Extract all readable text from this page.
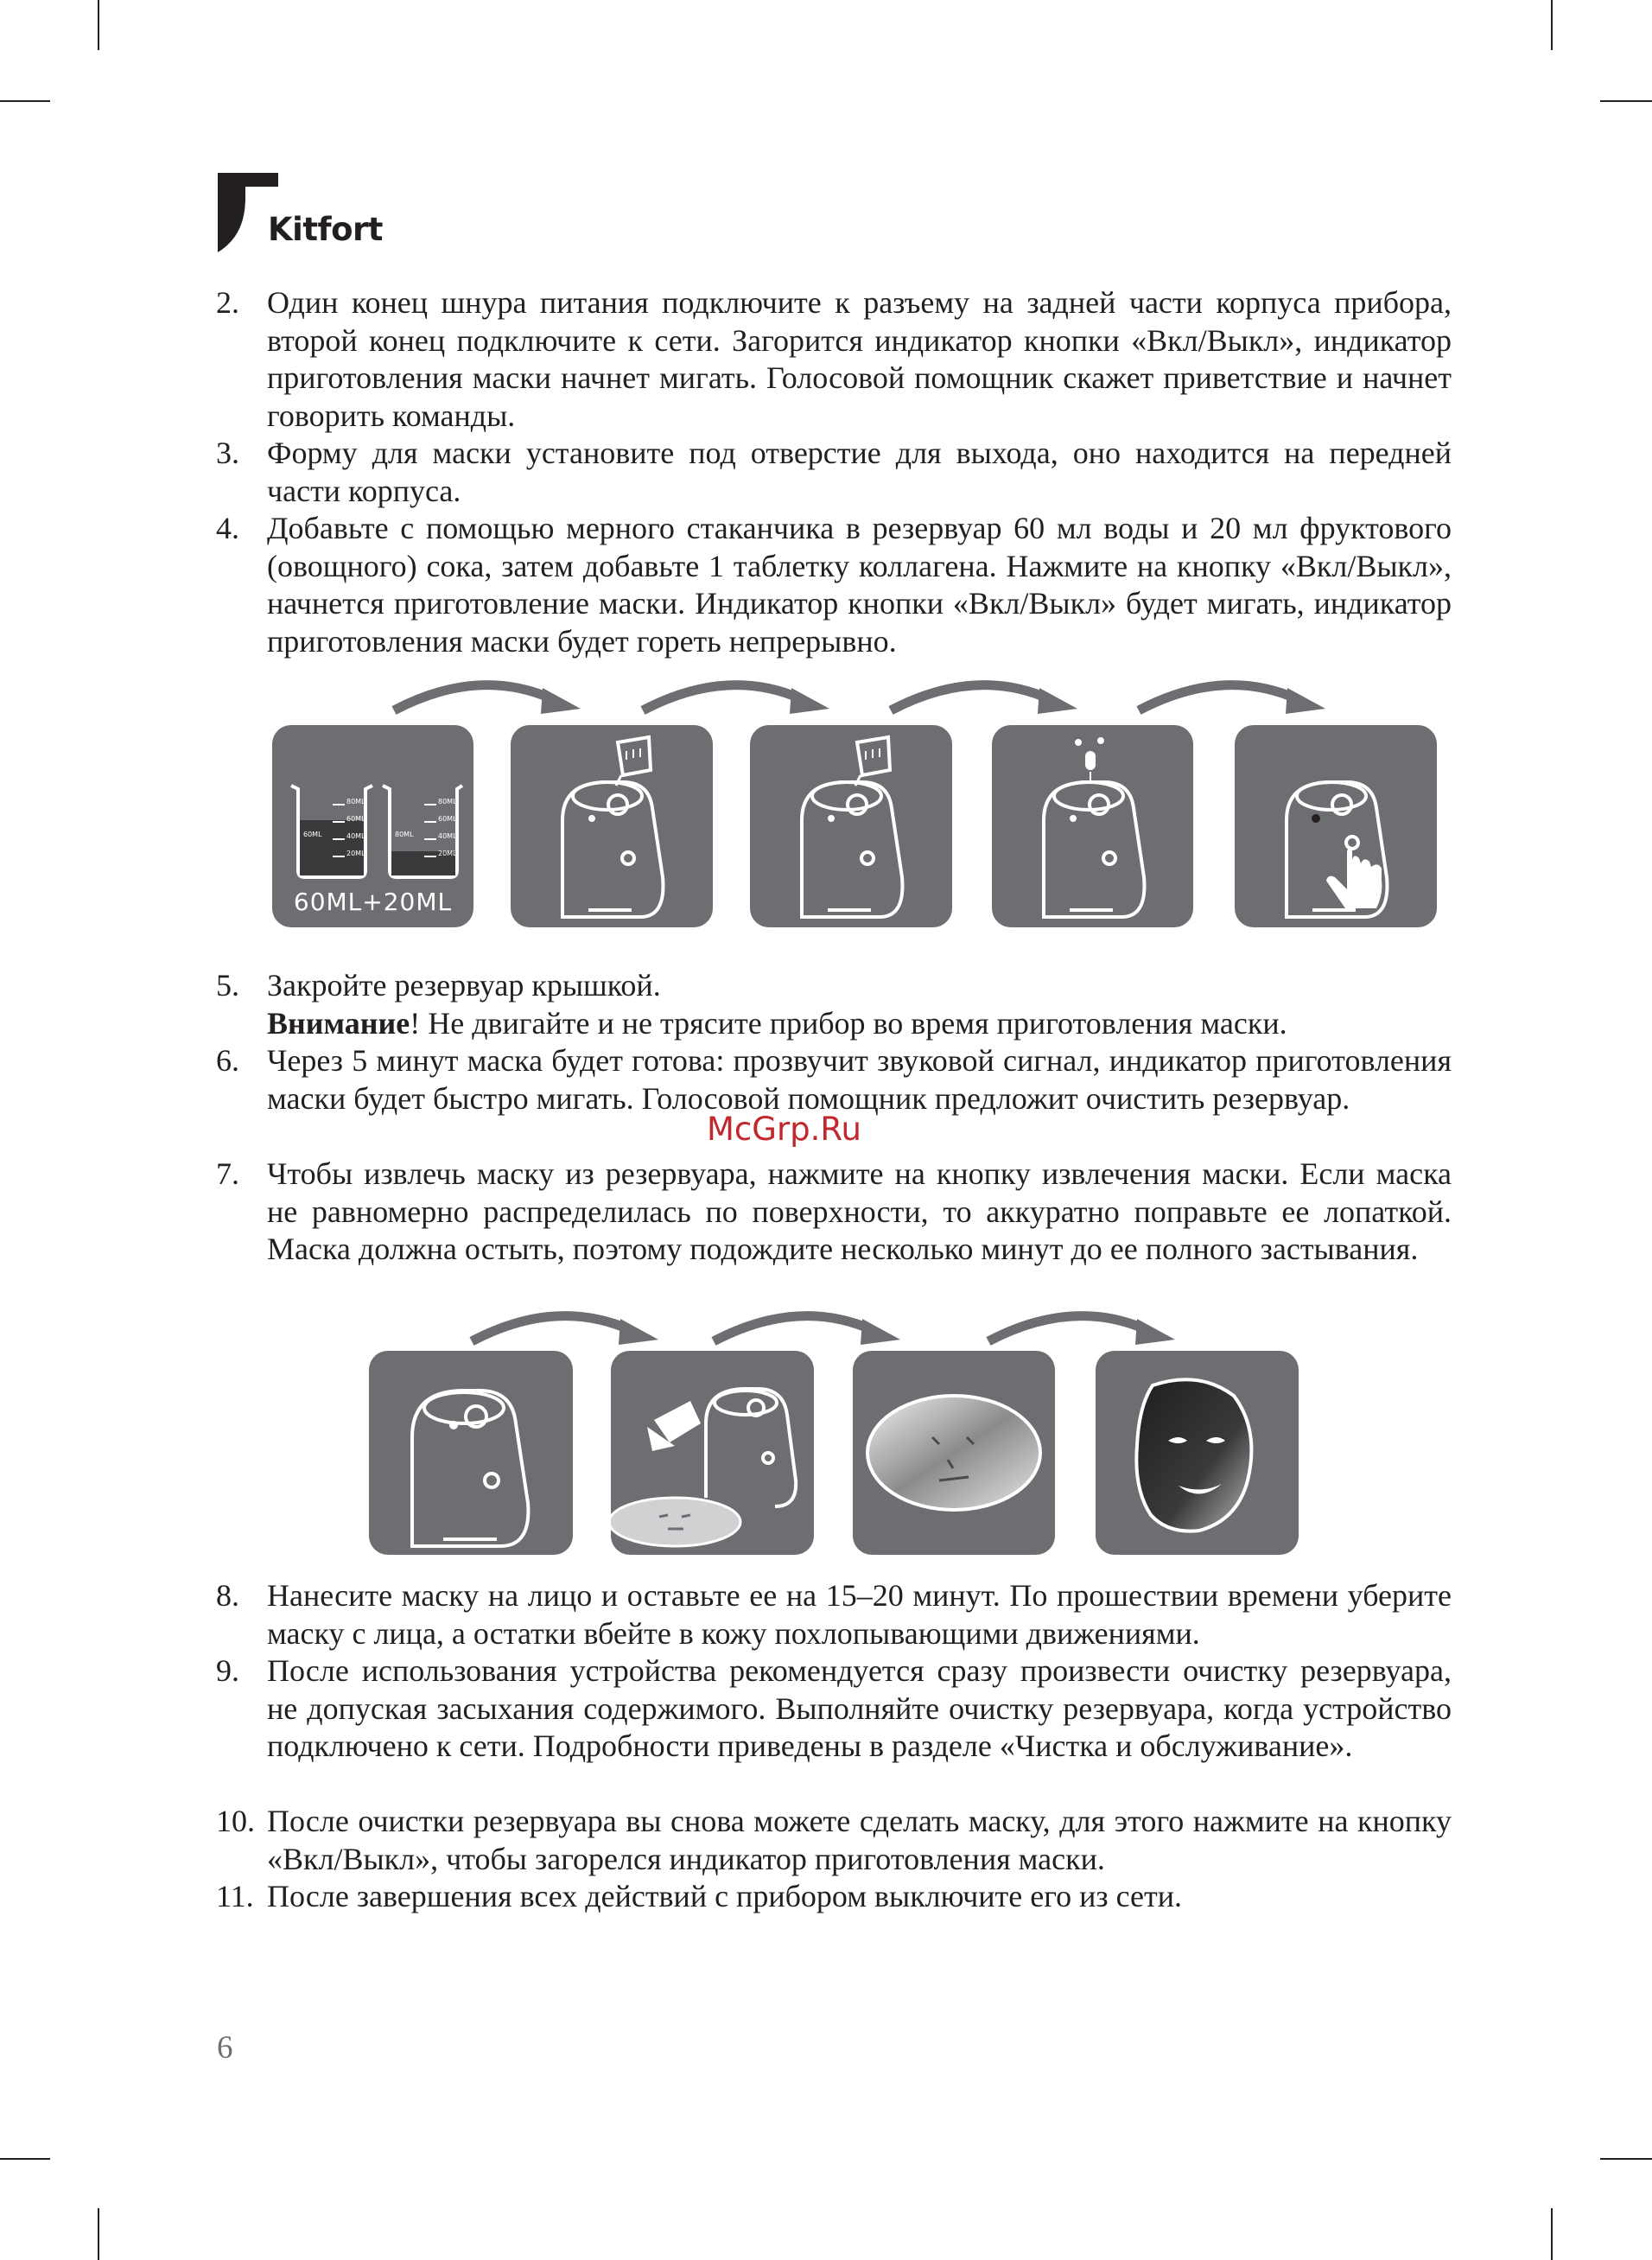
Kitfort
2. Один конец шнура питания подключите к разъему на задней части корпуса прибора, второй конец подключите к сети. Загорится индикатор кнопки «Вкл/Выкл», индикатор приготовления маски начнет мигать. Голосовой помощник скажет приветствие и начнет говорить команды.
3. Форму для маски установите под отверстие для выхода, оно находится на передней части корпуса.
4. Добавьте с помощью мерного стаканчика в резервуар 60 мл воды и 20 мл фруктового (овощного) сока, затем добавьте 1 таблетку коллагена. Нажмите на кнопку «Вкл/Выкл», начнется приготовление маски. Индикатор кнопки «Вкл/Выкл» будет мигать, индикатор приготовления маски будет гореть непрерывно.
80ML
60ML
40ML
20ML
60ML
80ML
60ML
40ML
20ML
80ML
60ML+20ML
5. Закройте резервуар крышкой.
Внимание! Не двигайте и не трясите прибор во время приготовления маски.
6. Через 5 минут маска будет готова: прозвучит звуковой сигнал, индикатор приготовления маски будет быстро мигать. Голосовой помощник предложит очистить резервуар.
7. Чтобы извлечь маску из резервуара, нажмите на кнопку извлечения маски. Если маска не равномерно распределилась по поверхности, то аккуратно поправьте ее лопаткой. Маска должна остыть, поэтому подождите несколько минут до ее полного застывания.
McGrp.Ru
8. Нанесите маску на лицо и оставьте ее на 15–20 минут. По прошествии времени уберите маску с лица, а остатки вбейте в кожу похлопывающими движениями.
9. После использования устройства рекомендуется сразу произвести очистку резервуара, не допуская засыхания содержимого. Выполняйте очистку резервуара, когда устройство подключено к сети. Подробности приведены в разделе «Чистка и обслуживание».
10. После очистки резервуара вы снова можете сделать маску, для этого нажмите на кнопку «Вкл/Выкл», чтобы загорелся индикатор приготовления маски.
11. После завершения всех действий с прибором выключите его из сети.
6
